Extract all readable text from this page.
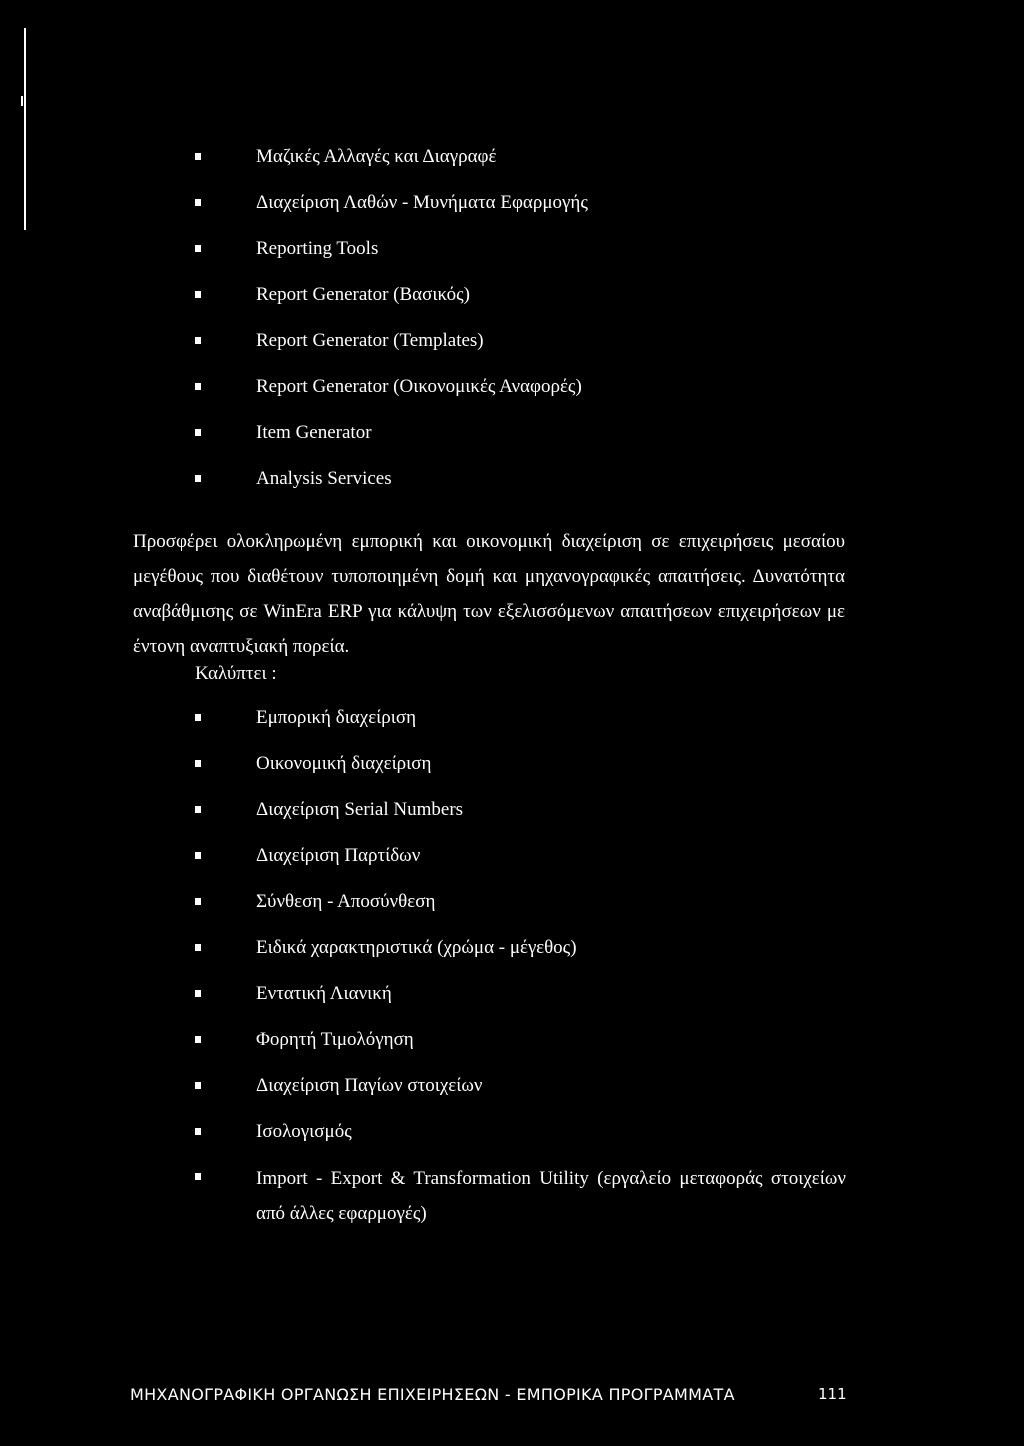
Μαζικές Αλλαγές και Διαγραφέ
Διαχείριση Λαθών - Μυνήματα Εφαρμογής
Reporting Tools
Report Generator (Βασικός)
Report Generator (Templates)
Report Generator (Οικονομικές Αναφορές)
Item Generator
Analysis Services

Προσφέρει ολοκληρωμένη εμπορική και οικονομική διαχείριση σε επιχειρήσεις μεσαίου μεγέθους που διαθέτουν τυποποιημένη δομή και μηχανογραφικές απαιτήσεις. Δυνατότητα αναβάθμισης σε WinEra ERP για κάλυψη των εξελισσόμενων απαιτήσεων επιχειρήσεων με έντονη αναπτυξιακή πορεία.

Καλύπτει :
Εμπορική διαχείριση
Οικονομική διαχείριση
Διαχείριση Serial Numbers
Διαχείριση Παρτίδων
Σύνθεση - Αποσύνθεση
Ειδικά χαρακτηριστικά (χρώμα - μέγεθος)
Εντατική Λιανική
Φορητή Τιμολόγηση
Διαχείριση Παγίων στοιχείων
Ισολογισμός
Import - Export & Transformation Utility (εργαλείο μεταφοράς στοιχείων από άλλες εφαρμογές)
ΜΗΧΑΝΟΓΡΑΦΙΚΗ ΟΡΓΑΝΩΣΗ ΕΠΙΧΕΙΡΗΣΕΩΝ - ΕΜΠΟΡΙΚΑ ΠΡΟΓΡΑΜΜΑΤΑ	111
